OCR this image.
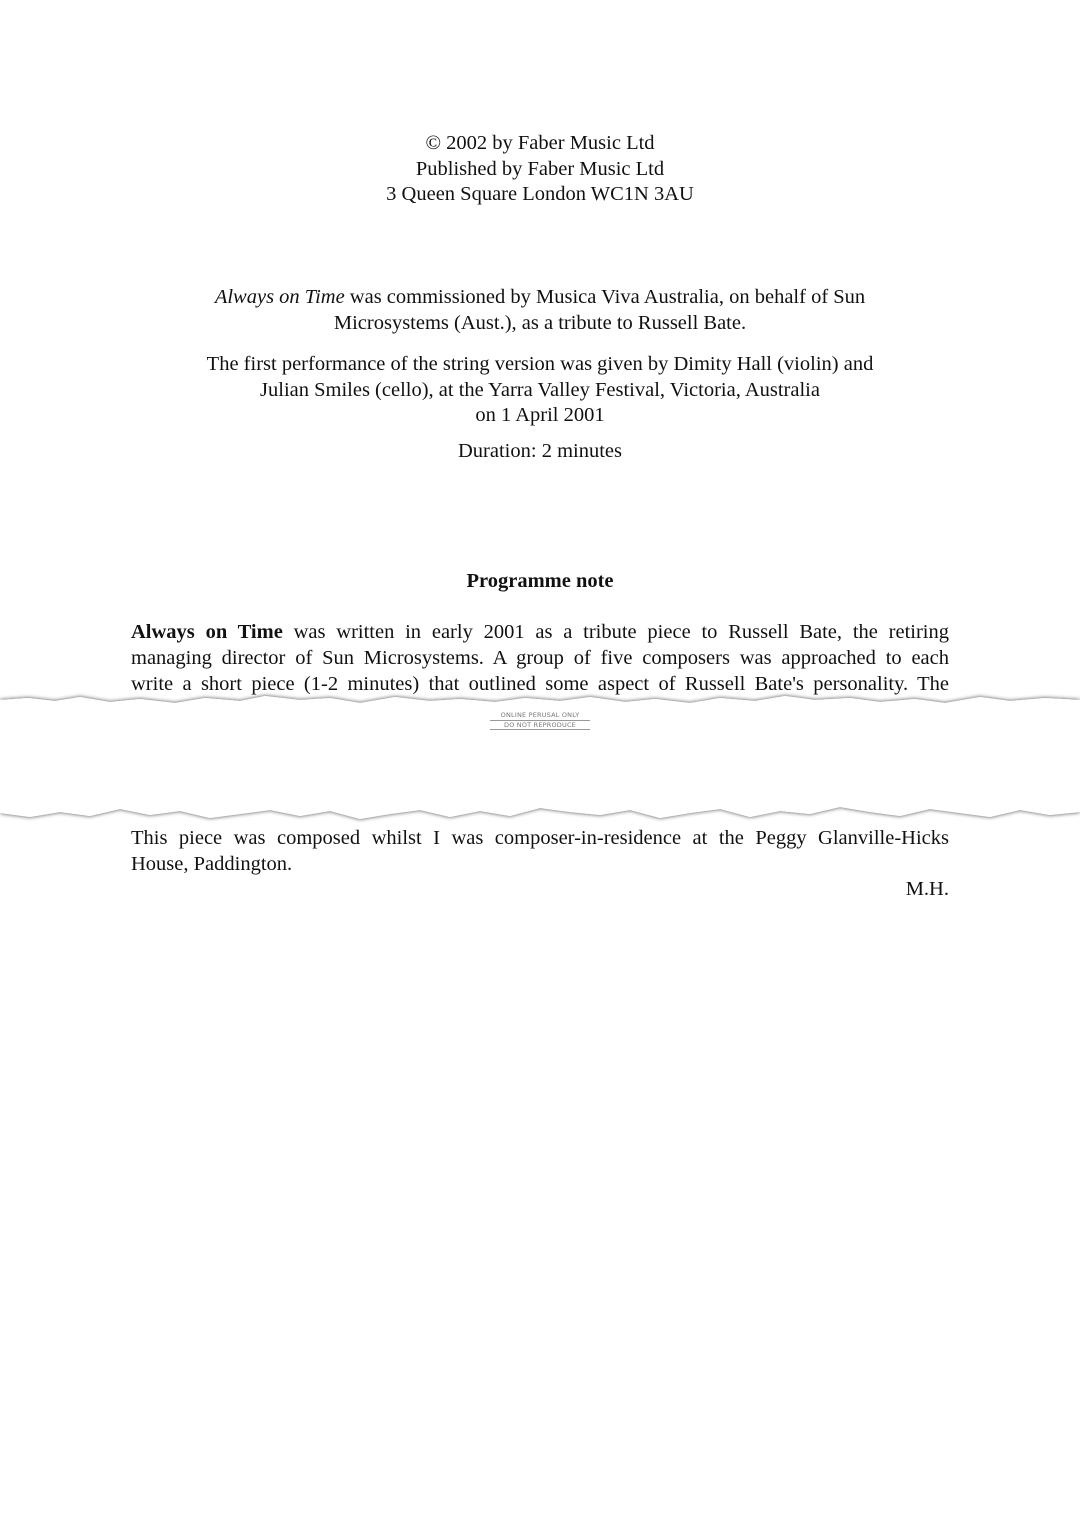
© 2002 by Faber Music Ltd
Published by Faber Music Ltd
3 Queen Square London WC1N 3AU
Always on Time was commissioned by Musica Viva Australia, on behalf of Sun
Microsystems (Aust.), as a tribute to Russell Bate.
The first performance of the string version was given by Dimity Hall (violin) and
Julian Smiles (cello), at the Yarra Valley Festival, Victoria, Australia
on 1 April 2001
Duration: 2 minutes
Programme note
Always on Time was written in early 2001 as a tribute piece to Russell Bate, the retiring
managing director of Sun Microsystems. A group of five composers was approached to each
write a short piece (1-2 minutes) that outlined some aspect of Russell Bate's personality. The
ONLINE PERUSAL ONLY
DO NOT REPRODUCE
This piece was composed whilst I was composer-in-residence at the Peggy Glanville-Hicks
House, Paddington.
M.H.
